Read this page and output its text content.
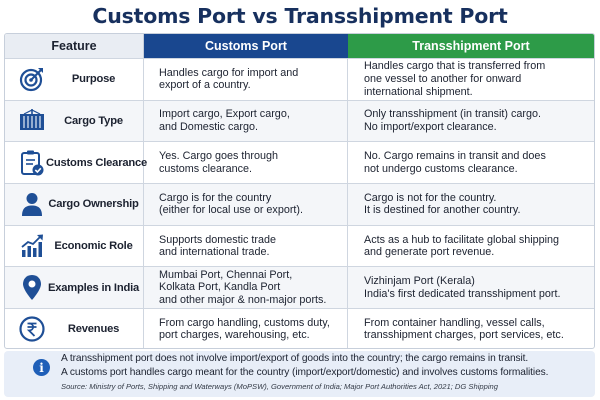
Customs Port vs Transshipment Port
Feature	Customs Port	Transshipment Port
Purpose
Handles cargo for import and
export of a country.
Handles cargo that is transferred from
one vessel to another for onward
international shipment.
Cargo Type
Import cargo, Export cargo,
and Domestic cargo.
Only transshipment (in transit) cargo.
No import/export clearance.
Customs Clearance
Yes. Cargo goes through
customs clearance.
No. Cargo remains in transit and does
not undergo customs clearance.
Cargo Ownership
Cargo is for the country
(either for local use or export).
Cargo is not for the country.
It is destined for another country.
Economic Role
Supports domestic trade
and international trade.
Acts as a hub to facilitate global shipping
and generate port revenue.
Examples in India
Mumbai Port, Chennai Port,
Kolkata Port, Kandla Port
and other major & non-major ports.
Vizhinjam Port (Kerala)
India's first dedicated transshipment port.
Revenues
From cargo handling, customs duty,
port charges, warehousing, etc.
From container handling, vessel calls,
transshipment charges, port services, etc.
i
A transshipment port does not involve import/export of goods into the country; the cargo remains in transit.
A customs port handles cargo meant for the country (import/export/domestic) and involves customs formalities.
Source: Ministry of Ports, Shipping and Waterways (MoPSW), Government of India; Major Port Authorities Act, 2021; DG Shipping
